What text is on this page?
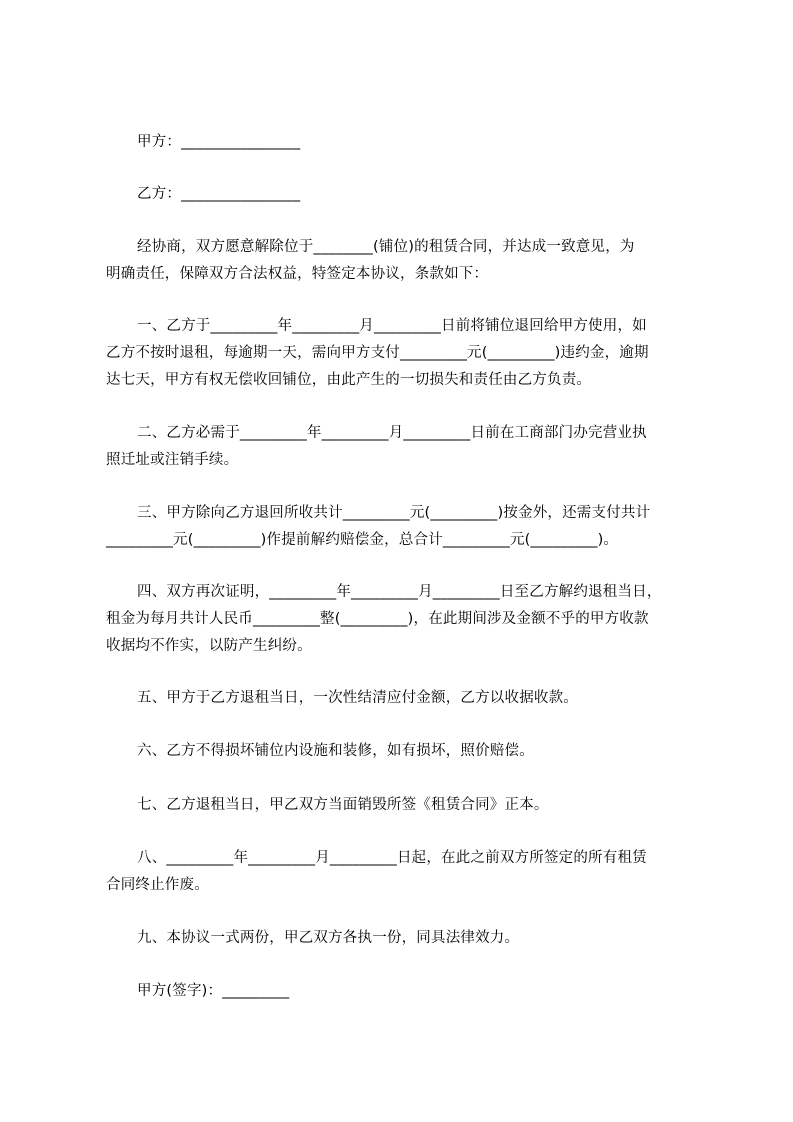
甲方：________________
乙方：________________
经协商，双方愿意解除位于________(铺位)的租赁合同，并达成一致意见，为
明确责任，保障双方合法权益，特签定本协议，条款如下：
一、乙方于_________年_________月_________日前将铺位退回给甲方使用，如
乙方不按时退租，每逾期一天，需向甲方支付_________元(_________)违约金，逾期
达七天，甲方有权无偿收回铺位，由此产生的一切损失和责任由乙方负责。
二、乙方必需于_________年_________月_________日前在工商部门办完营业执
照迁址或注销手续。
三、甲方除向乙方退回所收共计_________元(_________)按金外，还需支付共计
_________元(_________)作提前解约赔偿金，总合计_________元(_________)。
四、双方再次证明，_________年_________月_________日至乙方解约退租当日，
租金为每月共计人民币_________整(_________)，在此期间涉及金额不乎的甲方收款
收据均不作实，以防产生纠纷。
五、甲方于乙方退租当日，一次性结清应付金额，乙方以收据收款。
六、乙方不得损坏铺位内设施和装修，如有损坏，照价赔偿。
七、乙方退租当日，甲乙双方当面销毁所签《租赁合同》正本。
八、_________年_________月_________日起，在此之前双方所签定的所有租赁
合同终止作废。
九、本协议一式两份，甲乙双方各执一份，同具法律效力。
甲方(签字)：_________
